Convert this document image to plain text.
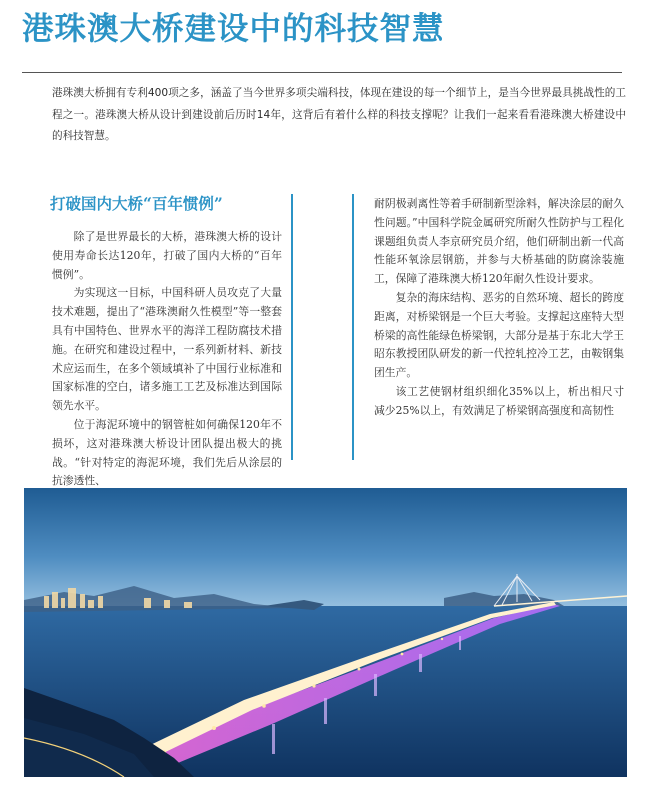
港珠澳大桥建设中的科技智慧
港珠澳大桥拥有专利400项之多，涵盖了当今世界多项尖端科技，体现在建设的每一个细节上，是当今世界最具挑战性的工程之一。港珠澳大桥从设计到建设前后历时14年，这背后有着什么样的科技支撑呢？让我们一起来看看港珠澳大桥建设中的科技智慧。
打破国内大桥“百年惯例”

除了是世界最长的大桥，港珠澳大桥的设计使用寿命长达120年，打破了国内大桥的“百年惯例”。

为实现这一目标，中国科研人员攻克了大量技术难题，提出了“港珠澳耐久性模型”等一整套具有中国特色、世界水平的海洋工程防腐技术措施。在研究和建设过程中，一系列新材料、新技术应运而生，在多个领域填补了中国行业标准和国家标准的空白，诸多施工工艺及标准达到国际领先水平。

位于海泥环境中的钢管桩如何确保120年不损坏，这对港珠澳大桥设计团队提出极大的挑战。“针对特定的海泥环境，我们先后从涂层的抗渗透性、

耐阴极剥离性等着手研制新型涂料，解决涂层的耐久性问题。”中国科学院金属研究所耐久性防护与工程化课题组负责人李京研究员介绍，他们研制出新一代高性能环氧涂层钢筋，并参与大桥基础的防腐涂装施工，保障了港珠澳大桥120年耐久性设计要求。

复杂的海床结构、恶劣的自然环境、超长的跨度距离，对桥梁钢是一个巨大考验。支撑起这座特大型桥梁的高性能绿色桥梁钢，大部分是基于东北大学王昭东教授团队研发的新一代控轧控冷工艺，由鞍钢集团生产。

该工艺使钢材组织细化35%以上，析出相尺寸减少25%以上，有效满足了桥梁钢高强度和高韧性
